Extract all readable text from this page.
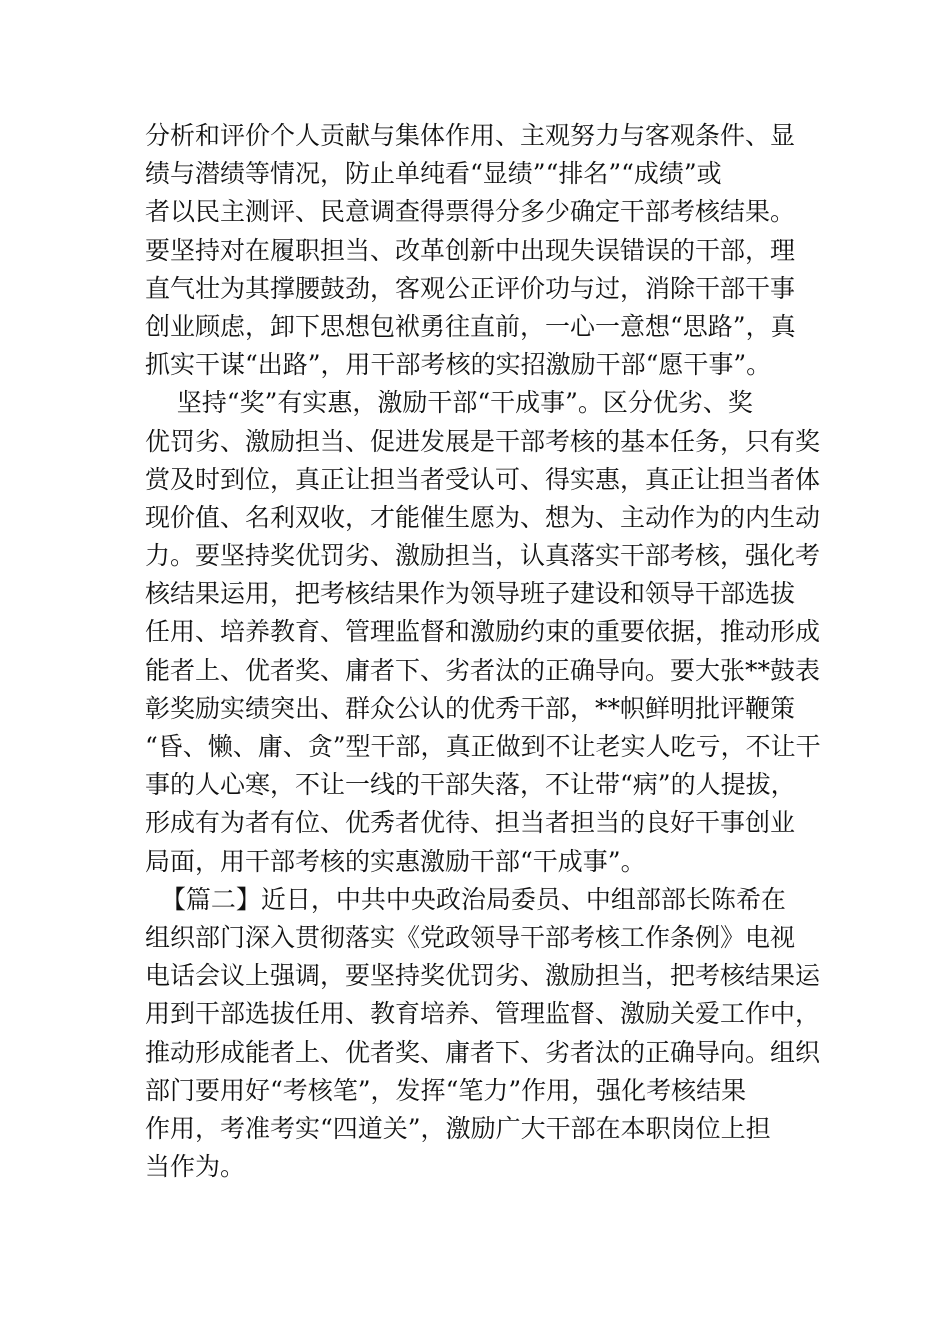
分析和评价个人贡献与集体作用、主观努力与客观条件、显
绩与潜绩等情况，防止单纯看“显绩”“排名”“成绩”或
者以民主测评、民意调查得票得分多少确定干部考核结果。
要坚持对在履职担当、改革创新中出现失误错误的干部，理
直气壮为其撑腰鼓劲，客观公正评价功与过，消除干部干事
创业顾虑，卸下思想包袱勇往直前，一心一意想“思路”，真
抓实干谋“出路”，用干部考核的实招激励干部“愿干事”。
坚持“奖”有实惠，激励干部“干成事”。区分优劣、奖
优罚劣、激励担当、促进发展是干部考核的基本任务，只有奖
赏及时到位，真正让担当者受认可、得实惠，真正让担当者体
现价值、名利双收，才能催生愿为、想为、主动作为的内生动
力。要坚持奖优罚劣、激励担当，认真落实干部考核，强化考
核结果运用，把考核结果作为领导班子建设和领导干部选拔
任用、培养教育、管理监督和激励约束的重要依据，推动形成
能者上、优者奖、庸者下、劣者汰的正确导向。要大张**鼓表
彰奖励实绩突出、群众公认的优秀干部，**帜鲜明批评鞭策
“昏、懒、庸、贪”型干部，真正做到不让老实人吃亏，不让干
事的人心寒，不让一线的干部失落，不让带“病”的人提拔，
形成有为者有位、优秀者优待、担当者担当的良好干事创业
局面，用干部考核的实惠激励干部“干成事”。
【篇二】近日，中共中央政治局委员、中组部部长陈希在
组织部门深入贯彻落实《党政领导干部考核工作条例》电视
电话会议上强调，要坚持奖优罚劣、激励担当，把考核结果运
用到干部选拔任用、教育培养、管理监督、激励关爱工作中，
推动形成能者上、优者奖、庸者下、劣者汰的正确导向。组织
部门要用好“考核笔”，发挥“笔力”作用，强化考核结果
作用，考准考实“四道关”，激励广大干部在本职岗位上担
当作为。
